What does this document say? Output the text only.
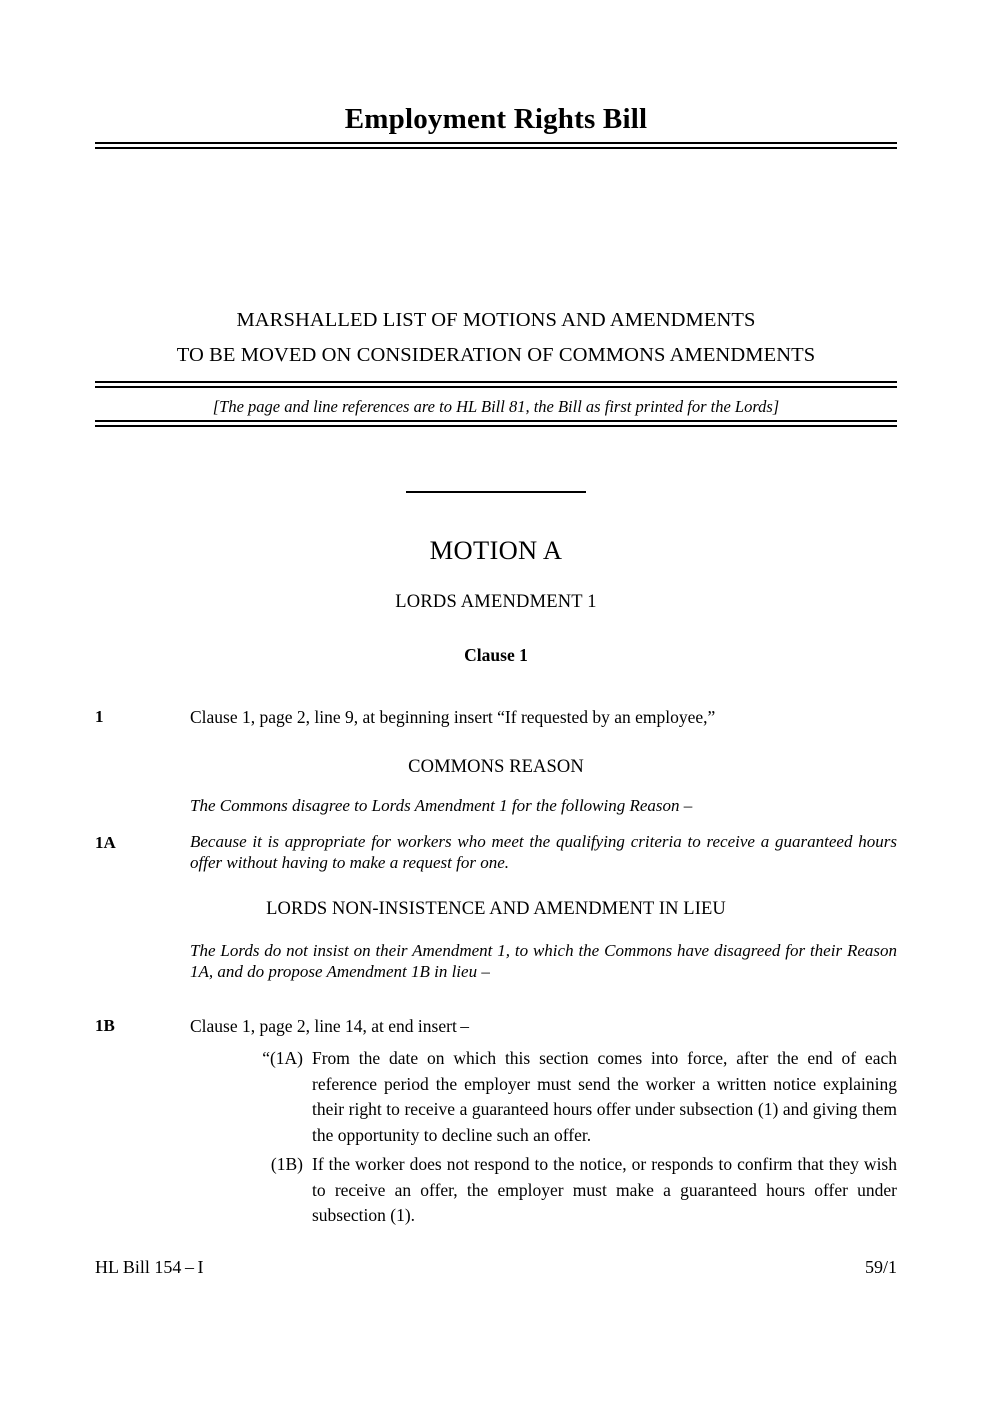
Employment Rights Bill
MARSHALLED LIST OF MOTIONS AND AMENDMENTS
TO BE MOVED ON CONSIDERATION OF COMMONS AMENDMENTS
[The page and line references are to HL Bill 81, the Bill as first printed for the Lords]
MOTION A
LORDS AMENDMENT 1
Clause 1
1	Clause 1, page 2, line 9, at beginning insert “If requested by an employee,”
COMMONS REASON
The Commons disagree to Lords Amendment 1 for the following Reason –
1A	Because it is appropriate for workers who meet the qualifying criteria to receive a guaranteed hours offer without having to make a request for one.
LORDS NON-INSISTENCE AND AMENDMENT IN LIEU
The Lords do not insist on their Amendment 1, to which the Commons have disagreed for their Reason 1A, and do propose Amendment 1B in lieu –
1B	Clause 1, page 2, line 14, at end insert –
“(1A) From the date on which this section comes into force, after the end of each reference period the employer must send the worker a written notice explaining their right to receive a guaranteed hours offer under subsection (1) and giving them the opportunity to decline such an offer.
(1B) If the worker does not respond to the notice, or responds to confirm that they wish to receive an offer, the employer must make a guaranteed hours offer under subsection (1).
HL Bill 154 – I	59/1
